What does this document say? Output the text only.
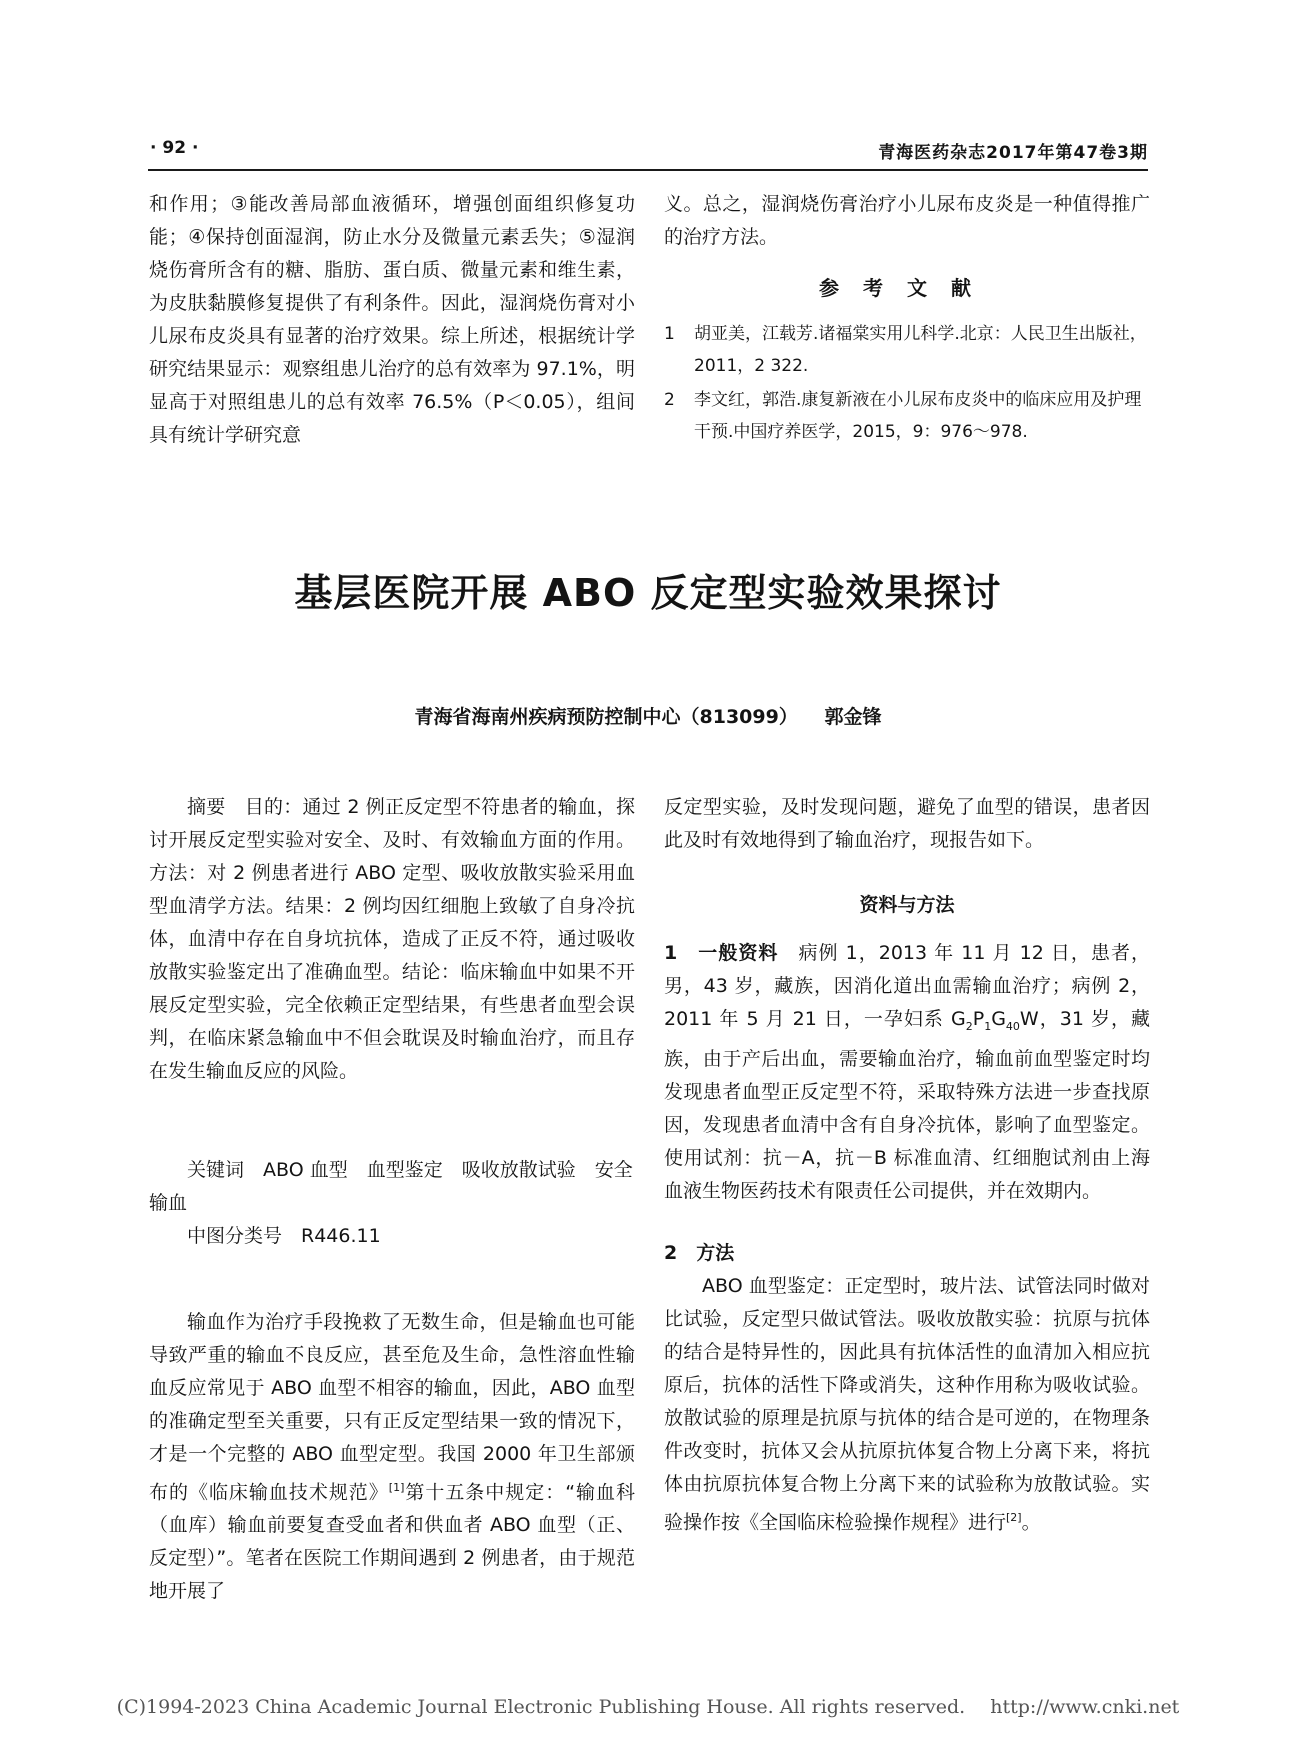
· 92 ·	青海医药杂志2017年第47卷3期

和作用；③能改善局部血液循环，增强创面组织修复功能；④保持创面湿润，防止水分及微量元素丢失；⑤湿润烧伤膏所含有的糖、脂肪、蛋白质、微量元素和维生素，为皮肤黏膜修复提供了有利条件。因此，湿润烧伤膏对小儿尿布皮炎具有显著的治疗效果。综上所述，根据统计学研究结果显示：观察组患儿治疗的总有效率为 97.1%，明显高于对照组患儿的总有效率 76.5%（P＜0.05），组间具有统计学研究意

义。总之，湿润烧伤膏治疗小儿尿布皮炎是一种值得推广的治疗方法。

参考文献
1	胡亚美，江载芳.诸福棠实用儿科学.北京：人民卫生出版社，2011，2 322.
2	李文红，郭浩.康复新液在小儿尿布皮炎中的临床应用及护理干预.中国疗养医学，2015，9：976～978.
基层医院开展 ABO 反定型实验效果探讨
青海省海南州疾病预防控制中心（813099） 郭金锋

摘要　目的：通过 2 例正反定型不符患者的输血，探讨开展反定型实验对安全、及时、有效输血方面的作用。方法：对 2 例患者进行 ABO 定型、吸收放散实验采用血型血清学方法。结果：2 例均因红细胞上致敏了自身冷抗体，血清中存在自身坑抗体，造成了正反不符，通过吸收放散实验鉴定出了准确血型。结论：临床输血中如果不开展反定型实验，完全依赖正定型结果，有些患者血型会误判，在临床紧急输血中不但会耽误及时输血治疗，而且存在发生输血反应的风险。

关键词　ABO 血型　血型鉴定　吸收放散试验　安全输血
中图分类号　R446.11

输血作为治疗手段挽救了无数生命，但是输血也可能导致严重的输血不良反应，甚至危及生命，急性溶血性输血反应常见于 ABO 血型不相容的输血，因此，ABO 血型的准确定型至关重要，只有正反定型结果一致的情况下，才是一个完整的 ABO 血型定型。我国 2000 年卫生部颁布的《临床输血技术规范》[1]第十五条中规定：“输血科（血库）输血前要复查受血者和供血者 ABO 血型（正、反定型）”。笔者在医院工作期间遇到 2 例患者，由于规范地开展了

反定型实验，及时发现问题，避免了血型的错误，患者因此及时有效地得到了输血治疗，现报告如下。

资料与方法

1　一般资料　病例 1，2013 年 11 月 12 日，患者，男，43 岁，藏族，因消化道出血需输血治疗；病例 2，2011 年 5 月 21 日，一孕妇系 $G_2P_1G_{40}W$，31 岁，藏族，由于产后出血，需要输血治疗，输血前血型鉴定时均发现患者血型正反定型不符，采取特殊方法进一步查找原因，发现患者血清中含有自身冷抗体，影响了血型鉴定。使用试剂：抗－A，抗－B 标准血清、红细胞试剂由上海血液生物医药技术有限责任公司提供，并在效期内。

2　方法

ABO 血型鉴定：正定型时，玻片法、试管法同时做对比试验，反定型只做试管法。吸收放散实验：抗原与抗体的结合是特异性的，因此具有抗体活性的血清加入相应抗原后，抗体的活性下降或消失，这种作用称为吸收试验。放散试验的原理是抗原与抗体的结合是可逆的，在物理条件改变时，抗体又会从抗原抗体复合物上分离下来，将抗体由抗原抗体复合物上分离下来的试验称为放散试验。实验操作按《全国临床检验操作规程》进行[2]。

(C)1994-2023 China Academic Journal Electronic Publishing House. All rights reserved.　 http://www.cnki.net
